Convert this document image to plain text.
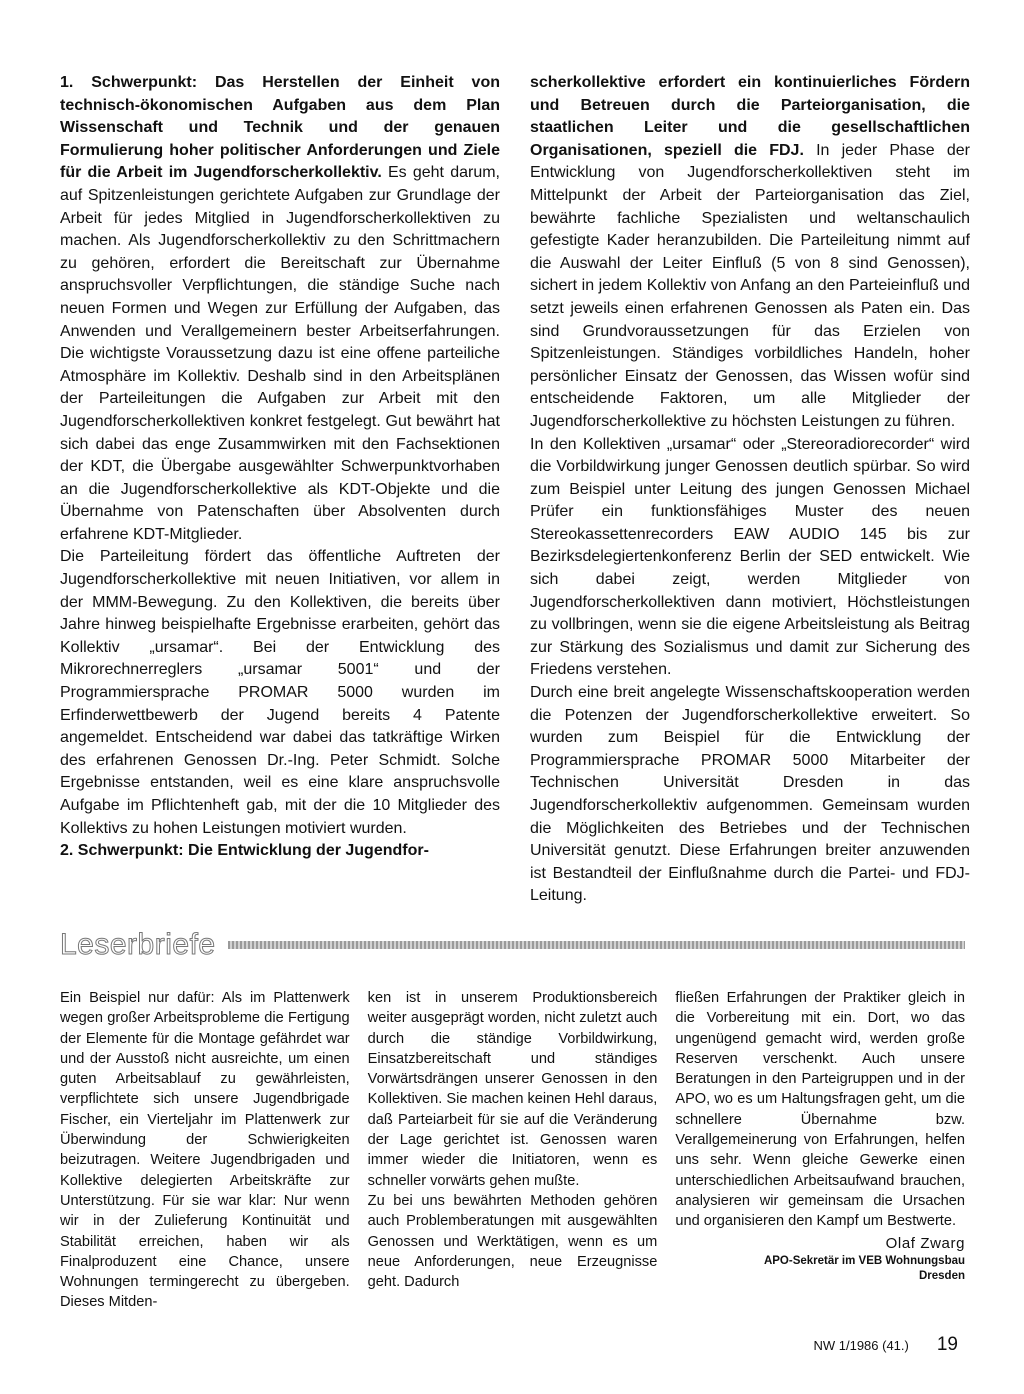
1. Schwerpunkt: Das Herstellen der Einheit von technisch-ökonomischen Aufgaben aus dem Plan Wissenschaft und Technik und der genauen Formulierung hoher politischer Anforderungen und Ziele für die Arbeit im Jugendforscherkollektiv. Es geht darum, auf Spitzenleistungen gerichtete Aufgaben zur Grundlage der Arbeit für jedes Mitglied in Jugendforscherkollektiven zu machen. Als Jugendforscherkollektiv zu den Schrittmachern zu gehören, erfordert die Bereitschaft zur Übernahme anspruchsvoller Verpflichtungen, die ständige Suche nach neuen Formen und Wegen zur Erfüllung der Aufgaben, das Anwenden und Verallgemeinern bester Arbeitserfahrungen. Die wichtigste Voraussetzung dazu ist eine offene parteiliche Atmosphäre im Kollektiv. Deshalb sind in den Arbeitsplänen der Parteileitungen die Aufgaben zur Arbeit mit den Jugendforscherkollektiven konkret festgelegt. Gut bewährt hat sich dabei das enge Zusammwirken mit den Fachsektionen der KDT, die Übergabe ausgewählter Schwerpunktvorhaben an die Jugendforscherkollektive als KDT-Objekte und die Übernahme von Patenschaften über Absolventen durch erfahrene KDT-Mitglieder.

Die Parteileitung fördert das öffentliche Auftreten der Jugendforscherkollektive mit neuen Initiativen, vor allem in der MMM-Bewegung. Zu den Kollektiven, die bereits über Jahre hinweg beispielhafte Ergebnisse erarbeiten, gehört das Kollektiv „ursamar“. Bei der Entwicklung des Mikrorechnerreglers „ursamar 5001“ und der Programmiersprache PROMAR 5000 wurden im Erfinderwettbewerb der Jugend bereits 4 Patente angemeldet. Entscheidend war dabei das tatkräftige Wirken des erfahrenen Genossen Dr.-Ing. Peter Schmidt. Solche Ergebnisse entstanden, weil es eine klare anspruchsvolle Aufgabe im Pflichtenheft gab, mit der die 10 Mitglieder des Kollektivs zu hohen Leistungen motiviert wurden.

2. Schwerpunkt: Die Entwicklung der Jugendfor-

scherkollektive erfordert ein kontinuierliches Fördern und Betreuen durch die Parteiorganisation, die staatlichen Leiter und die gesellschaftlichen Organisationen, speziell die FDJ. In jeder Phase der Entwicklung von Jugendforscherkollektiven steht im Mittelpunkt der Arbeit der Parteiorganisation das Ziel, bewährte fachliche Spezialisten und weltanschaulich gefestigte Kader heranzubilden. Die Parteileitung nimmt auf die Auswahl der Leiter Einfluß (5 von 8 sind Genossen), sichert in jedem Kollektiv von Anfang an den Parteieinfluß und setzt jeweils einen erfahrenen Genossen als Paten ein. Das sind Grundvoraussetzungen für das Erzielen von Spitzenleistungen. Ständiges vorbildliches Handeln, hoher persönlicher Einsatz der Genossen, das Wissen wofür sind entscheidende Faktoren, um alle Mitglieder der Jugendforscherkollektive zu höchsten Leistungen zu führen.

In den Kollektiven „ursamar“ oder „Stereoradiorecorder“ wird die Vorbildwirkung junger Genossen deutlich spürbar. So wird zum Beispiel unter Leitung des jungen Genossen Michael Prüfer ein funktionsfähiges Muster des neuen Stereokassettenrecorders EAW AUDIO 145 bis zur Bezirksdelegiertenkonferenz Berlin der SED entwickelt. Wie sich dabei zeigt, werden Mitglieder von Jugendforscherkollektiven dann motiviert, Höchstleistungen zu vollbringen, wenn sie die eigene Arbeitsleistung als Beitrag zur Stärkung des Sozialismus und damit zur Sicherung des Friedens verstehen.

Durch eine breit angelegte Wissenschaftskooperation werden die Potenzen der Jugendforscherkollektive erweitert. So wurden zum Beispiel für die Entwicklung der Programmiersprache PROMAR 5000 Mitarbeiter der Technischen Universität Dresden in das Jugendforscherkollektiv aufgenommen. Gemeinsam wurden die Möglichkeiten des Betriebes und der Technischen Universität genutzt. Diese Erfahrungen breiter anzuwenden ist Bestandteil der Einflußnahme durch die Partei- und FDJ-Leitung.

Leserbriefe

Ein Beispiel nur dafür: Als im Plattenwerk wegen großer Arbeitsprobleme die Fertigung der Elemente für die Montage gefährdet war und der Ausstoß nicht ausreichte, um einen guten Arbeitsablauf zu gewährleisten, verpflichtete sich unsere Jugendbrigade Fischer, ein Vierteljahr im Plattenwerk zur Überwindung der Schwierigkeiten beizutragen. Weitere Jugendbrigaden und Kollektive delegierten Arbeitskräfte zur Unterstützung. Für sie war klar: Nur wenn wir in der Zulieferung Kontinuität und Stabilität erreichen, haben wir als Finalproduzent eine Chance, unsere Wohnungen termingerecht zu übergeben. Dieses Mitden-

ken ist in unserem Produktionsbereich weiter ausgeprägt worden, nicht zuletzt auch durch die ständige Vorbildwirkung, Einsatzbereitschaft und ständiges Vorwärtsdrängen unserer Genossen in den Kollektiven. Sie machen keinen Hehl daraus, daß Parteiarbeit für sie auf die Veränderung der Lage gerichtet ist. Genossen waren immer wieder die Initiatoren, wenn es schneller vorwärts gehen mußte.

Zu bei uns bewährten Methoden gehören auch Problemberatungen mit ausgewählten Genossen und Werktätigen, wenn es um neue Anforderungen, neue Erzeugnisse geht. Dadurch

fließen Erfahrungen der Praktiker gleich in die Vorbereitung mit ein. Dort, wo das ungenügend gemacht wird, werden große Reserven verschenkt. Auch unsere Beratungen in den Parteigruppen und in der APO, wo es um Haltungsfragen geht, um die schnellere Übernahme bzw. Verallgemeinerung von Erfahrungen, helfen uns sehr. Wenn gleiche Gewerke einen unterschiedlichen Arbeitsaufwand brauchen, analysieren wir gemeinsam die Ursachen und organisieren den Kampf um Bestwerte.

Olaf Zwarg
APO-Sekretär im VEB Wohnungsbau
Dresden
NW 1/1986 (41.) 19
